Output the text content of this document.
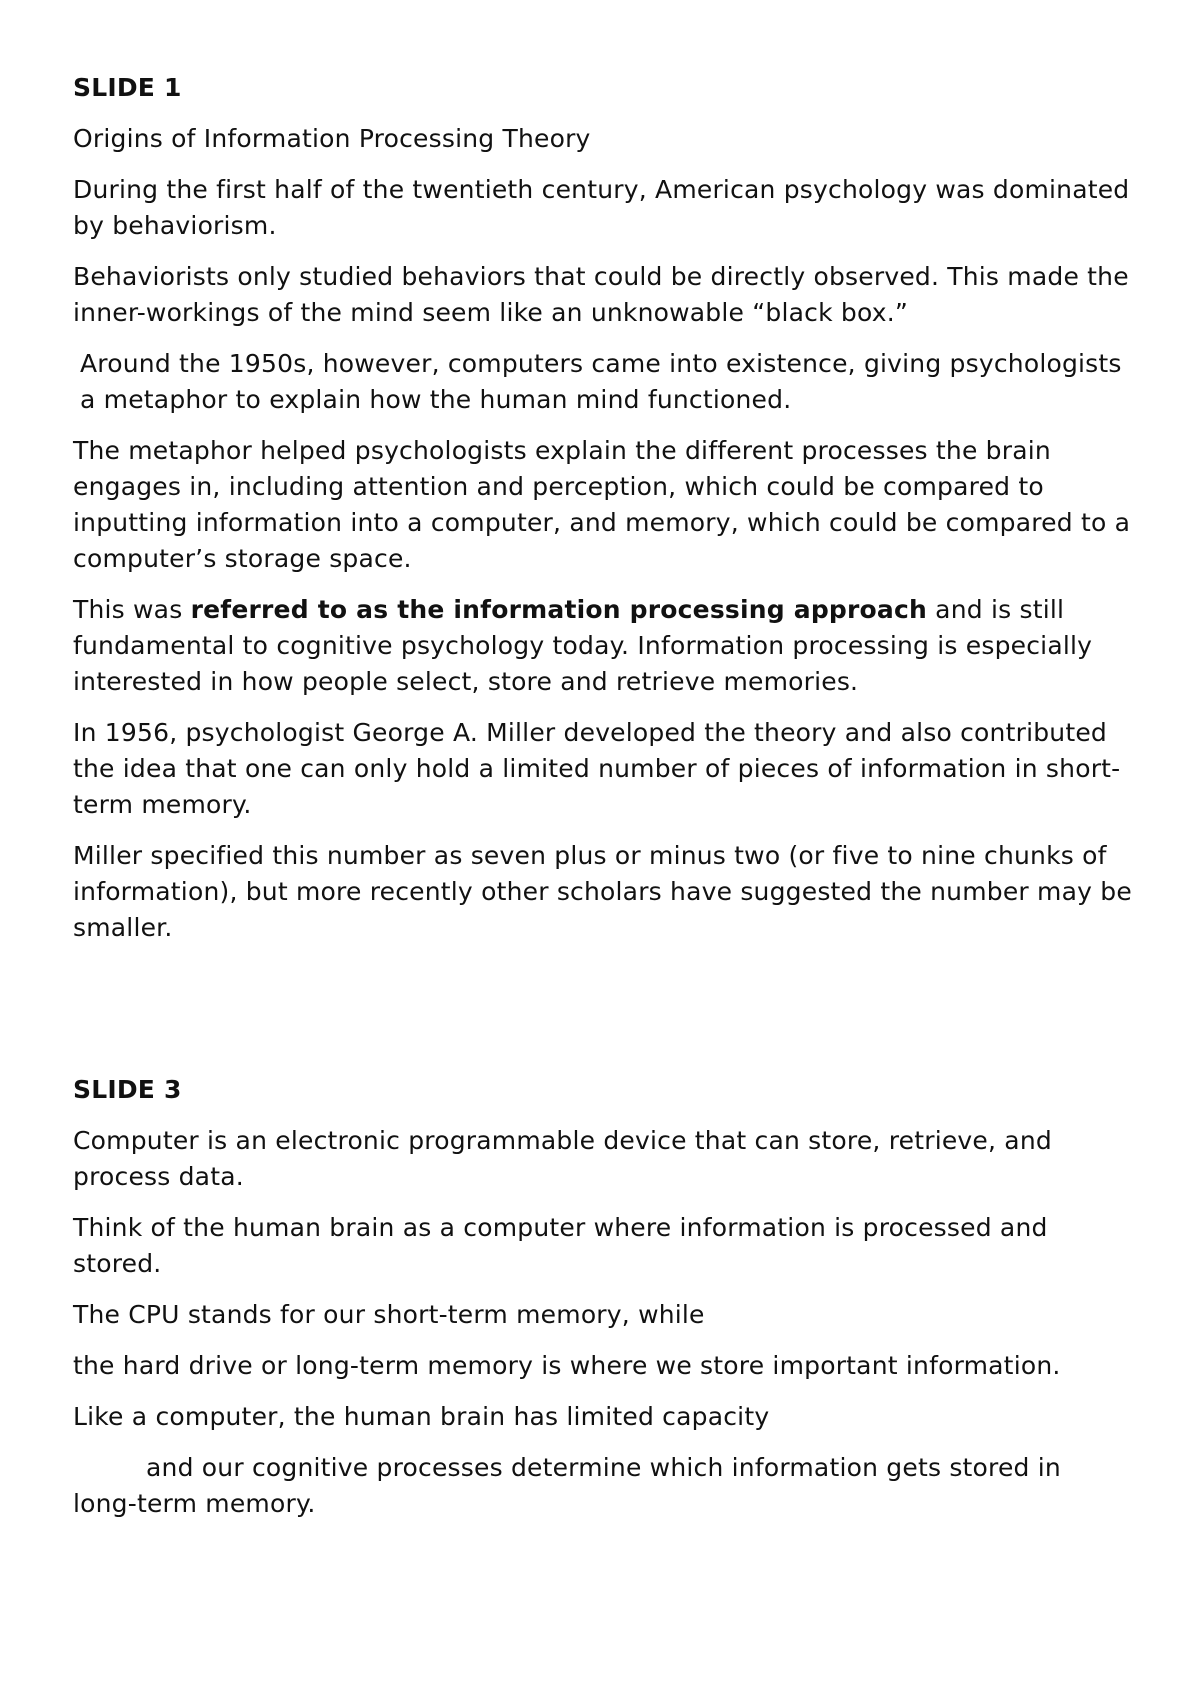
SLIDE 1

Origins of Information Processing Theory

During the first half of the twentieth century, American psychology was dominated by behaviorism.

Behaviorists only studied behaviors that could be directly observed. This made the inner-workings of the mind seem like an unknowable “black box.”

Around the 1950s, however, computers came into existence, giving psychologists a metaphor to explain how the human mind functioned.

The metaphor helped psychologists explain the different processes the brain engages in, including attention and perception, which could be compared to inputting information into a computer, and memory, which could be compared to a computer’s storage space.

This was referred to as the information processing approach and is still fundamental to cognitive psychology today. Information processing is especially interested in how people select, store and retrieve memories.

In 1956, psychologist George A. Miller developed the theory and also contributed the idea that one can only hold a limited number of pieces of information in short-term memory.

Miller specified this number as seven plus or minus two (or five to nine chunks of information), but more recently other scholars have suggested the number may be smaller.

SLIDE 3

Computer is an electronic programmable device that can store, retrieve, and process data.

Think of the human brain as a computer where information is processed and stored.

The CPU stands for our short-term memory, while

the hard drive or long-term memory is where we store important information.

Like a computer, the human brain has limited capacity

and our cognitive processes determine which information gets stored in long-term memory.
